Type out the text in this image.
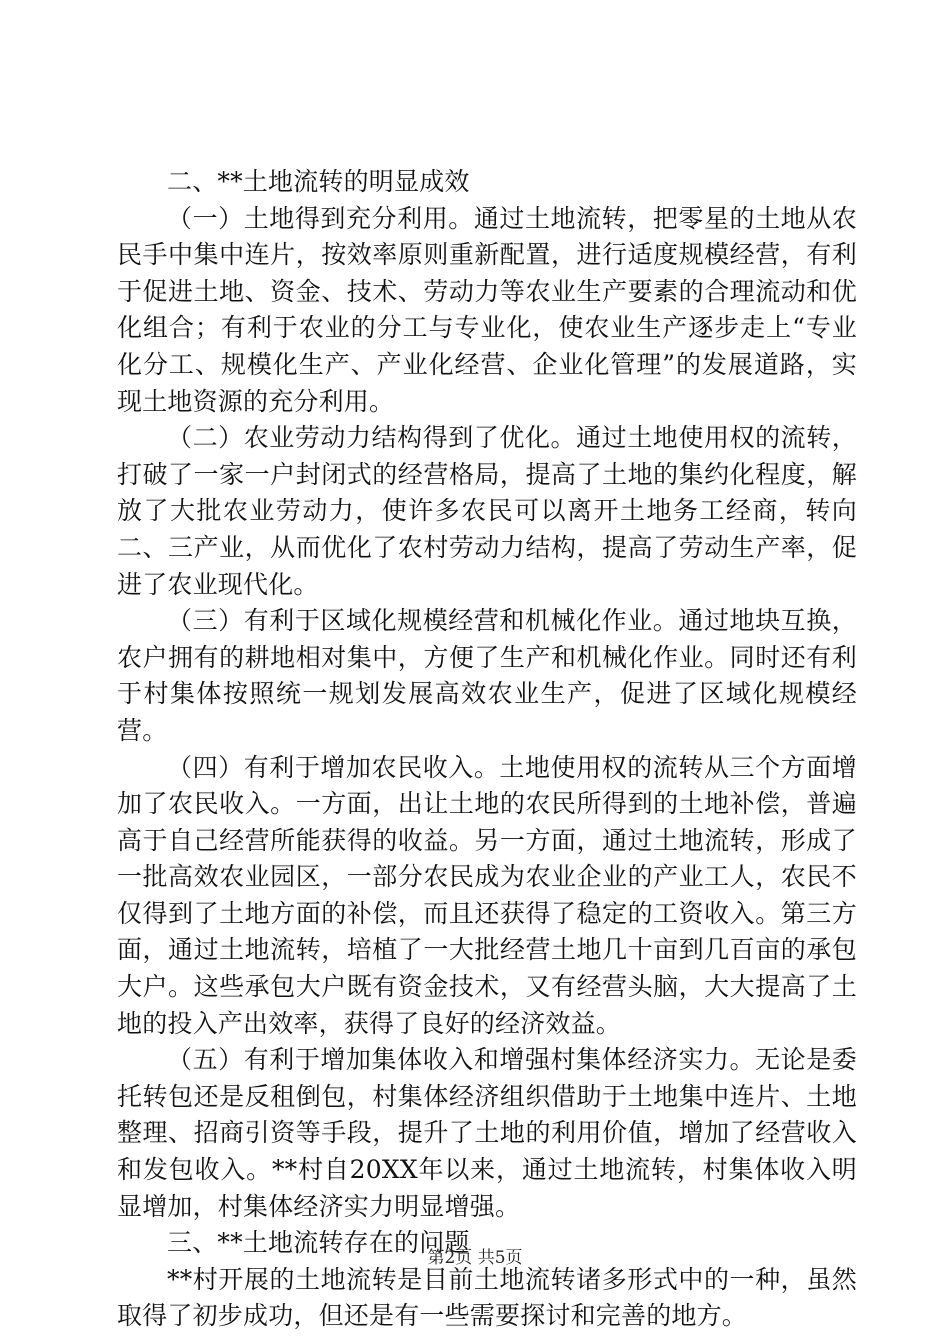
二、**土地流转的明显成效

（一）土地得到充分利用。通过土地流转，把零星的土地从农民手中集中连片，按效率原则重新配置，进行适度规模经营，有利于促进土地、资金、技术、劳动力等农业生产要素的合理流动和优化组合；有利于农业的分工与专业化，使农业生产逐步走上“专业化分工、规模化生产、产业化经营、企业化管理”的发展道路，实现土地资源的充分利用。

（二）农业劳动力结构得到了优化。通过土地使用权的流转，打破了一家一户封闭式的经营格局，提高了土地的集约化程度，解放了大批农业劳动力，使许多农民可以离开土地务工经商，转向二、三产业，从而优化了农村劳动力结构，提高了劳动生产率，促进了农业现代化。

（三）有利于区域化规模经营和机械化作业。通过地块互换，农户拥有的耕地相对集中，方便了生产和机械化作业。同时还有利于村集体按照统一规划发展高效农业生产，促进了区域化规模经营。

（四）有利于增加农民收入。土地使用权的流转从三个方面增加了农民收入。一方面，出让土地的农民所得到的土地补偿，普遍高于自己经营所能获得的收益。另一方面，通过土地流转，形成了一批高效农业园区，一部分农民成为农业企业的产业工人，农民不仅得到了土地方面的补偿，而且还获得了稳定的工资收入。第三方面，通过土地流转，培植了一大批经营土地几十亩到几百亩的承包大户。这些承包大户既有资金技术，又有经营头脑，大大提高了土地的投入产出效率，获得了良好的经济效益。

（五）有利于增加集体收入和增强村集体经济实力。无论是委托转包还是反租倒包，村集体经济组织借助于土地集中连片、土地整理、招商引资等手段，提升了土地的利用价值，增加了经营收入和发包收入。**村自20XX年以来，通过土地流转，村集体收入明显增加，村集体经济实力明显增强。

三、**土地流转存在的问题

**村开展的土地流转是目前土地流转诸多形式中的一种，虽然取得了初步成功，但还是有一些需要探讨和完善的地方。

第2页 共5页
